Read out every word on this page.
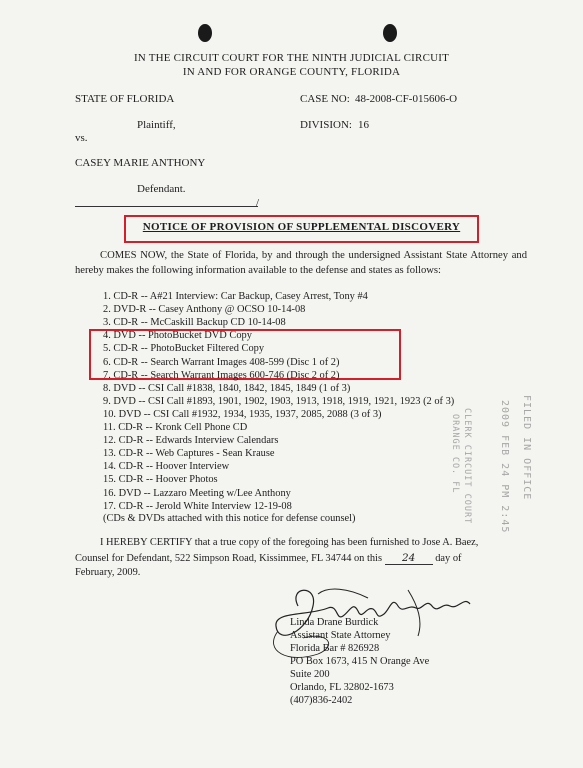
IN THE CIRCUIT COURT FOR THE NINTH JUDICIAL CIRCUIT
IN AND FOR ORANGE COUNTY, FLORIDA
STATE OF FLORIDA	CASE NO: 48-2008-CF-015606-O
Plaintiff,	DIVISION: 16
vs.
CASEY MARIE ANTHONY
Defendant.
/
NOTICE OF PROVISION OF SUPPLEMENTAL DISCOVERY
COMES NOW, the State of Florida, by and through the undersigned Assistant State Attorney and hereby makes the following information available to the defense and states as follows:
1. CD-R -- A#21 Interview: Car Backup, Casey Arrest, Tony #4
2. DVD-R -- Casey Anthony @ OCSO 10-14-08
3. CD-R -- McCaskill Backup CD 10-14-08
4. DVD -- PhotoBucket DVD Copy
5. CD-R -- PhotoBucket Filtered Copy
6. CD-R -- Search Warrant Images 408-599 (Disc 1 of 2)
7. CD-R -- Search Warrant Images 600-746 (Disc 2 of 2)
8. DVD -- CSI Call #1838, 1840, 1842, 1845, 1849 (1 of 3)
9. DVD -- CSI Call #1893, 1901, 1902, 1903, 1913, 1918, 1919, 1921, 1923 (2 of 3)
10. DVD -- CSI Call #1932, 1934, 1935, 1937, 2085, 2088 (3 of 3)
11. CD-R -- Kronk Cell Phone CD
12. CD-R -- Edwards Interview Calendars
13. CD-R -- Web Captures - Sean Krause
14. CD-R -- Hoover Interview
15. CD-R -- Hoover Photos
16. DVD -- Lazzaro Meeting w/Lee Anthony
17. CD-R -- Jerold White Interview 12-19-08
(CDs & DVDs attached with this notice for defense counsel)
I HEREBY CERTIFY that a true copy of the foregoing has been furnished to Jose A. Baez,
Counsel for Defendant, 522 Simpson Road, Kissimmee, FL 34744 on this 24 day of
February, 2009.
Linda Drane Burdick
Assistant State Attorney
Florida Bar # 826928
PO Box 1673, 415 N Orange Ave
Suite 200
Orlando, FL 32802-1673
(407)836-2402
FILED IN OFFICE
2009 FEB 24 PM 2:45
CLERK CIRCUIT COURT
ORANGE CO. FL
